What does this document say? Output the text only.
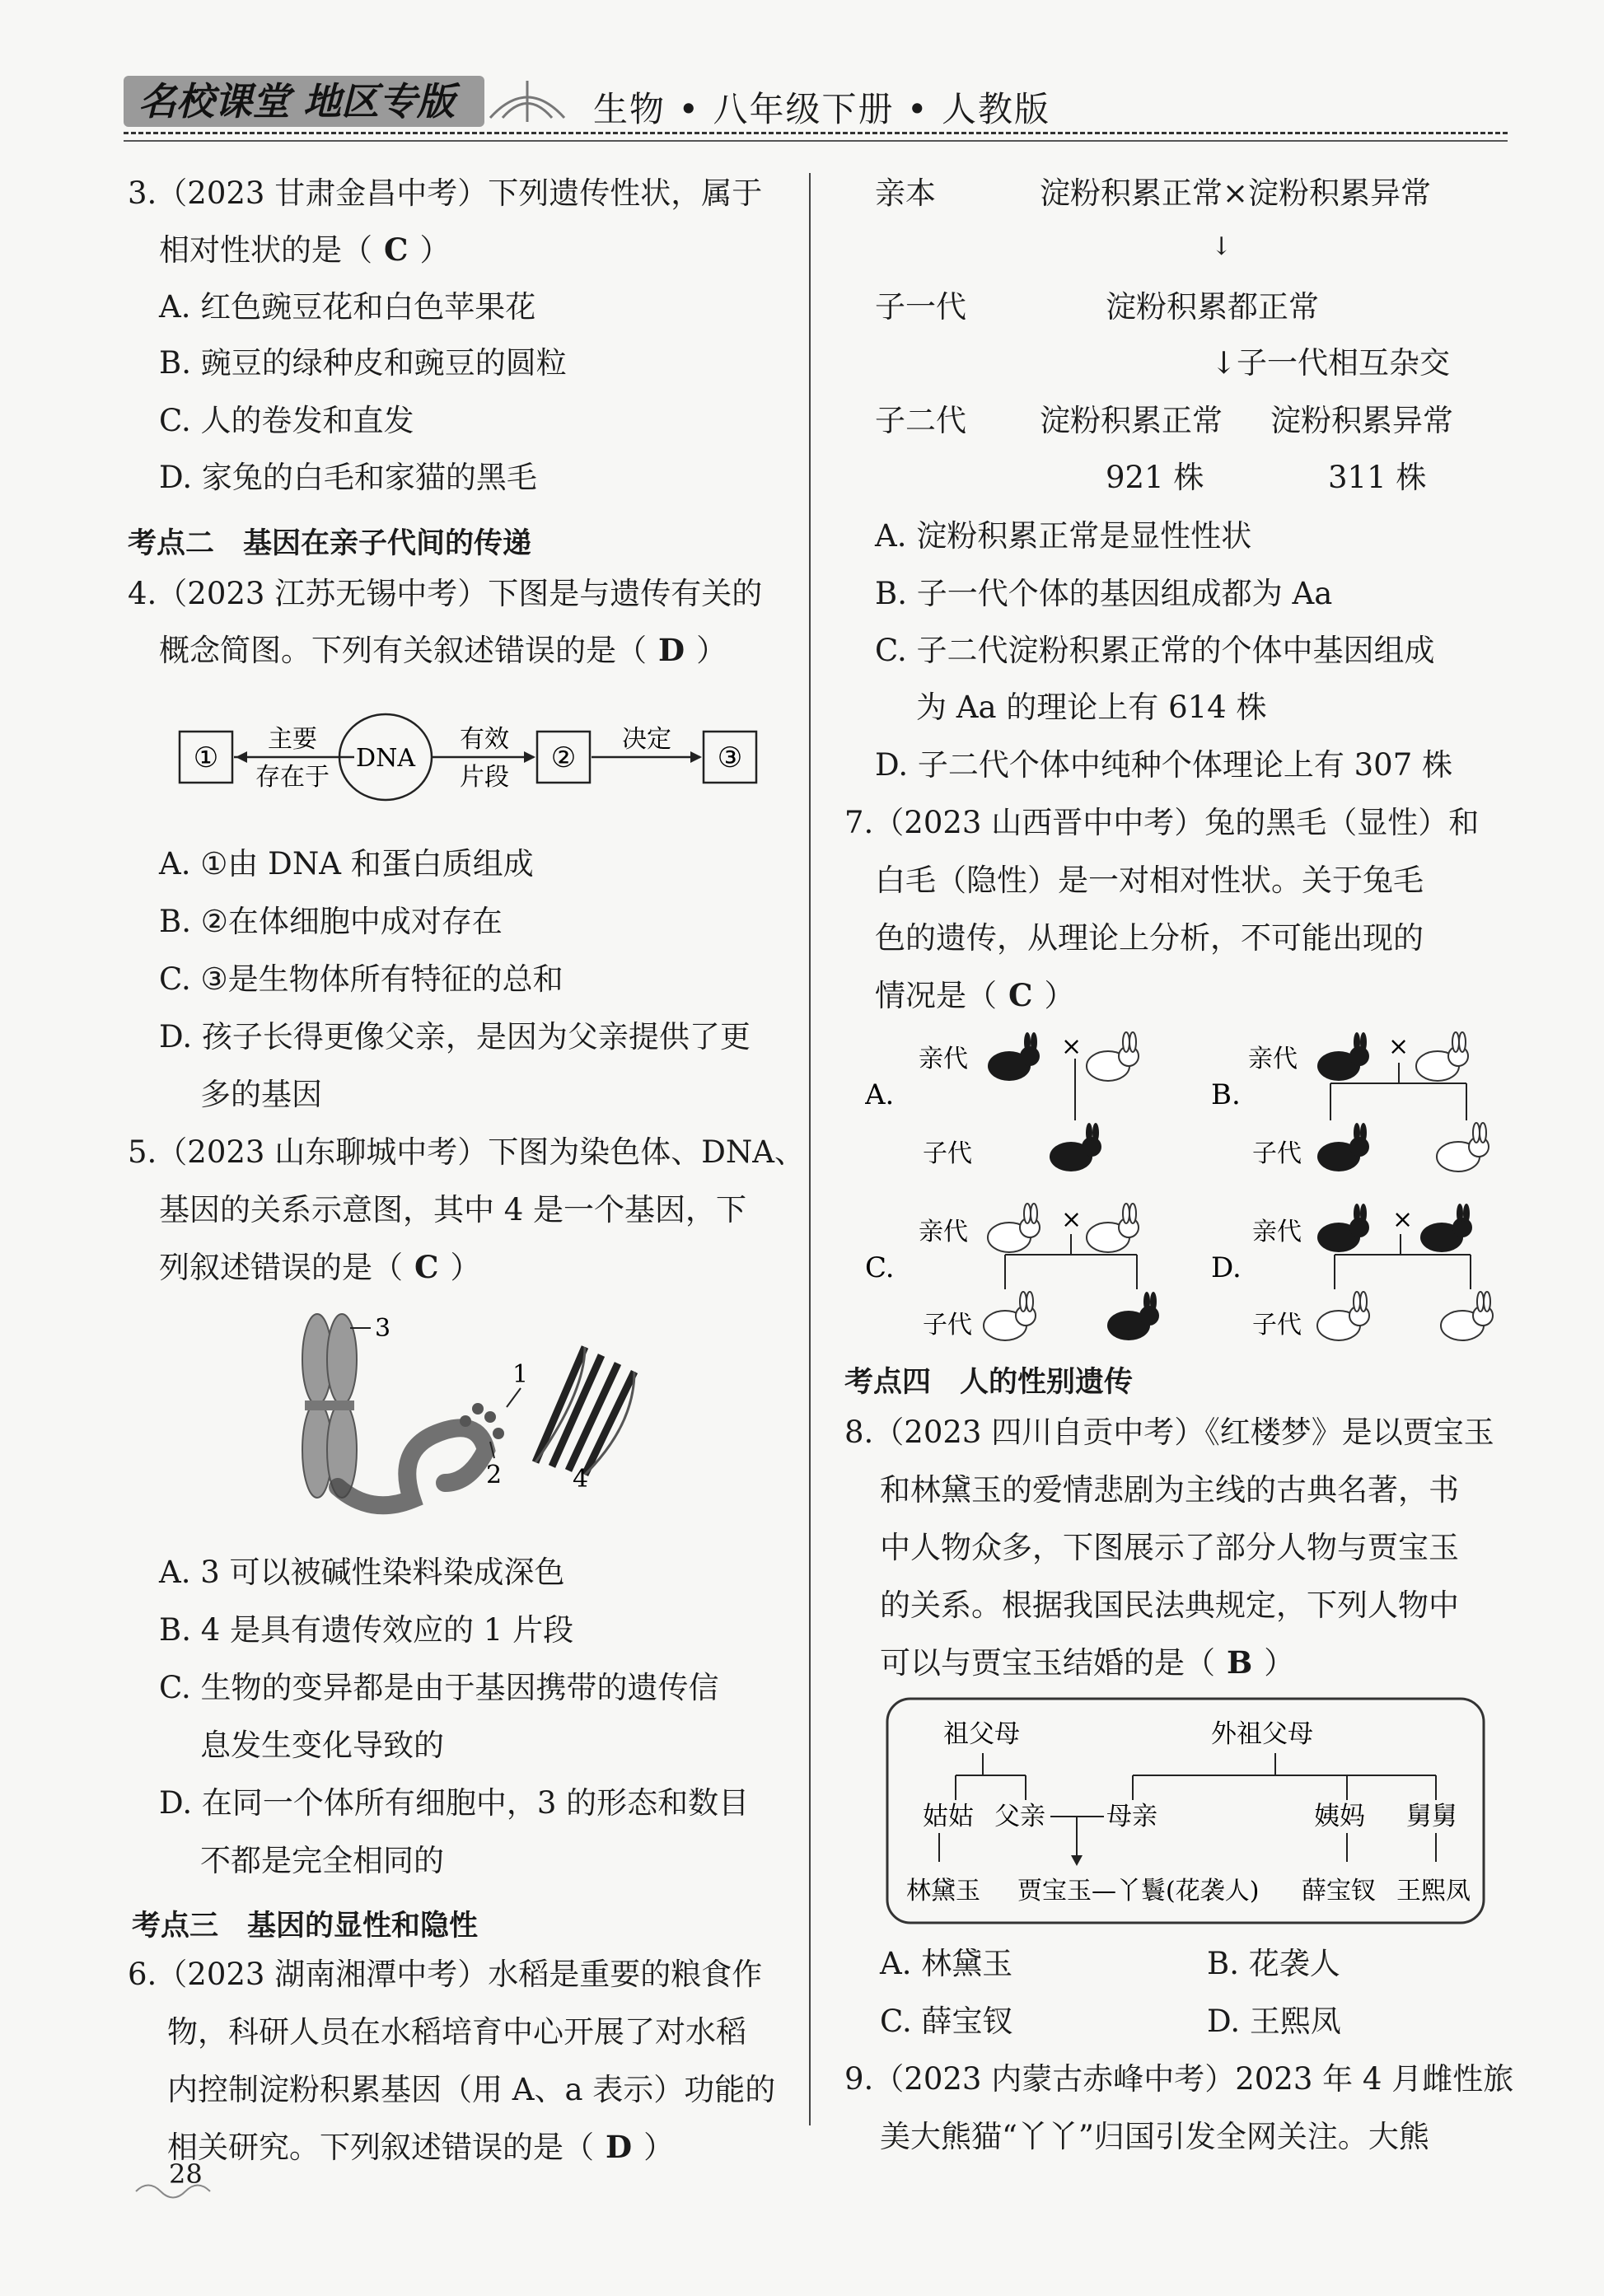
名校课堂 地区专版	生物 • 八年级下册 • 人教版
3.（2023 甘肃金昌中考）下列遗传性状，属于
相对性状的是（ C ）
A. 红色豌豆花和白色苹果花
B. 豌豆的绿种皮和豌豆的圆粒
C. 人的卷发和直发
D. 家兔的白毛和家猫的黑毛
考点二　基因在亲子代间的传递
4.（2023 江苏无锡中考）下图是与遗传有关的
概念简图。下列有关叙述错误的是（ D ）
①
主要
存在于
DNA
有效
片段
②
决定
③
A. ①由 DNA 和蛋白质组成
B. ②在体细胞中成对存在
C. ③是生物体所有特征的总和
D. 孩子长得更像父亲，是因为父亲提供了更
多的基因
5.（2023 山东聊城中考）下图为染色体、DNA、
基因的关系示意图，其中 4 是一个基因，下
列叙述错误的是（ C ）
3
1
2	4
A. 3 可以被碱性染料染成深色
B. 4 是具有遗传效应的 1 片段
C. 生物的变异都是由于基因携带的遗传信
息发生变化导致的
D. 在同一个体所有细胞中，3 的形态和数目
不都是完全相同的
考点三　基因的显性和隐性
6.（2023 湖南湘潭中考）水稻是重要的粮食作
物，科研人员在水稻培育中心开展了对水稻
内控制淀粉积累基因（用 A、a 表示）功能的
相关研究。下列叙述错误的是（ D ）
28
亲本	淀粉积累正常×淀粉积累异常
↓
子一代	淀粉积累都正常
↓子一代相互杂交
子二代 淀粉积累正常 淀粉积累异常
921 株	311 株
A. 淀粉积累正常是显性性状
B. 子一代个体的基因组成都为 Aa
C. 子二代淀粉积累正常的个体中基因组成
为 Aa 的理论上有 614 株
D. 子二代个体中纯种个体理论上有 307 株
7.（2023 山西晋中中考）兔的黑毛（显性）和
白毛（隐性）是一对相对性状。关于兔毛
色的遗传，从理论上分析，不可能出现的
情况是（ C ）
A.
亲代	×
子代
B.
亲代	×
子代
C.
亲代	×
子代
D.
亲代	×
子代
考点四　人的性别遗传
8.（2023 四川自贡中考）《红楼梦》是以贾宝玉
和林黛玉的爱情悲剧为主线的古典名著，书
中人物众多，下图展示了部分人物与贾宝玉
的关系。根据我国民法典规定，下列人物中
可以与贾宝玉结婚的是（ B ）
祖父母	外祖父母
姑姑 父亲 母亲	姨妈 舅舅
林黛玉 贾宝玉—丫鬟(花袭人) 薛宝钗 王熙凤
A. 林黛玉	B. 花袭人
C. 薛宝钗	D. 王熙凤
9.（2023 内蒙古赤峰中考）2023 年 4 月雌性旅
美大熊猫“丫丫”归国引发全网关注。大熊
